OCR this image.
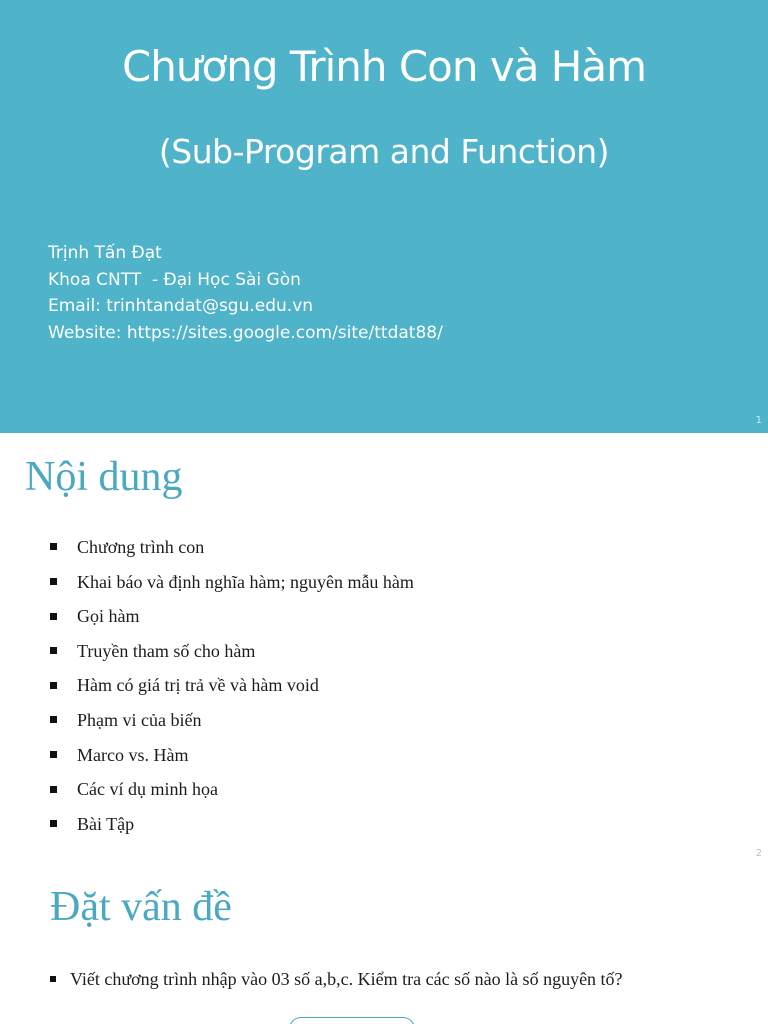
Chương Trình Con và Hàm
(Sub-Program and Function)
Trịnh Tấn Đạt
Khoa CNTT  - Đại Học Sài Gòn
Email: trinhtandat@sgu.edu.vn
Website: https://sites.google.com/site/ttdat88/
1
Nội dung
Chương trình con
Khai báo và định nghĩa hàm; nguyên mẫu hàm
Gọi hàm
Truyền tham số cho hàm
Hàm có giá trị trả về và hàm void
Phạm vi của biến
Marco vs. Hàm
Các ví dụ minh họa
Bài Tập
2
Đặt vấn đề
Viết chương trình nhập vào 03 số a,b,c. Kiểm tra các số nào là số nguyên tố?
